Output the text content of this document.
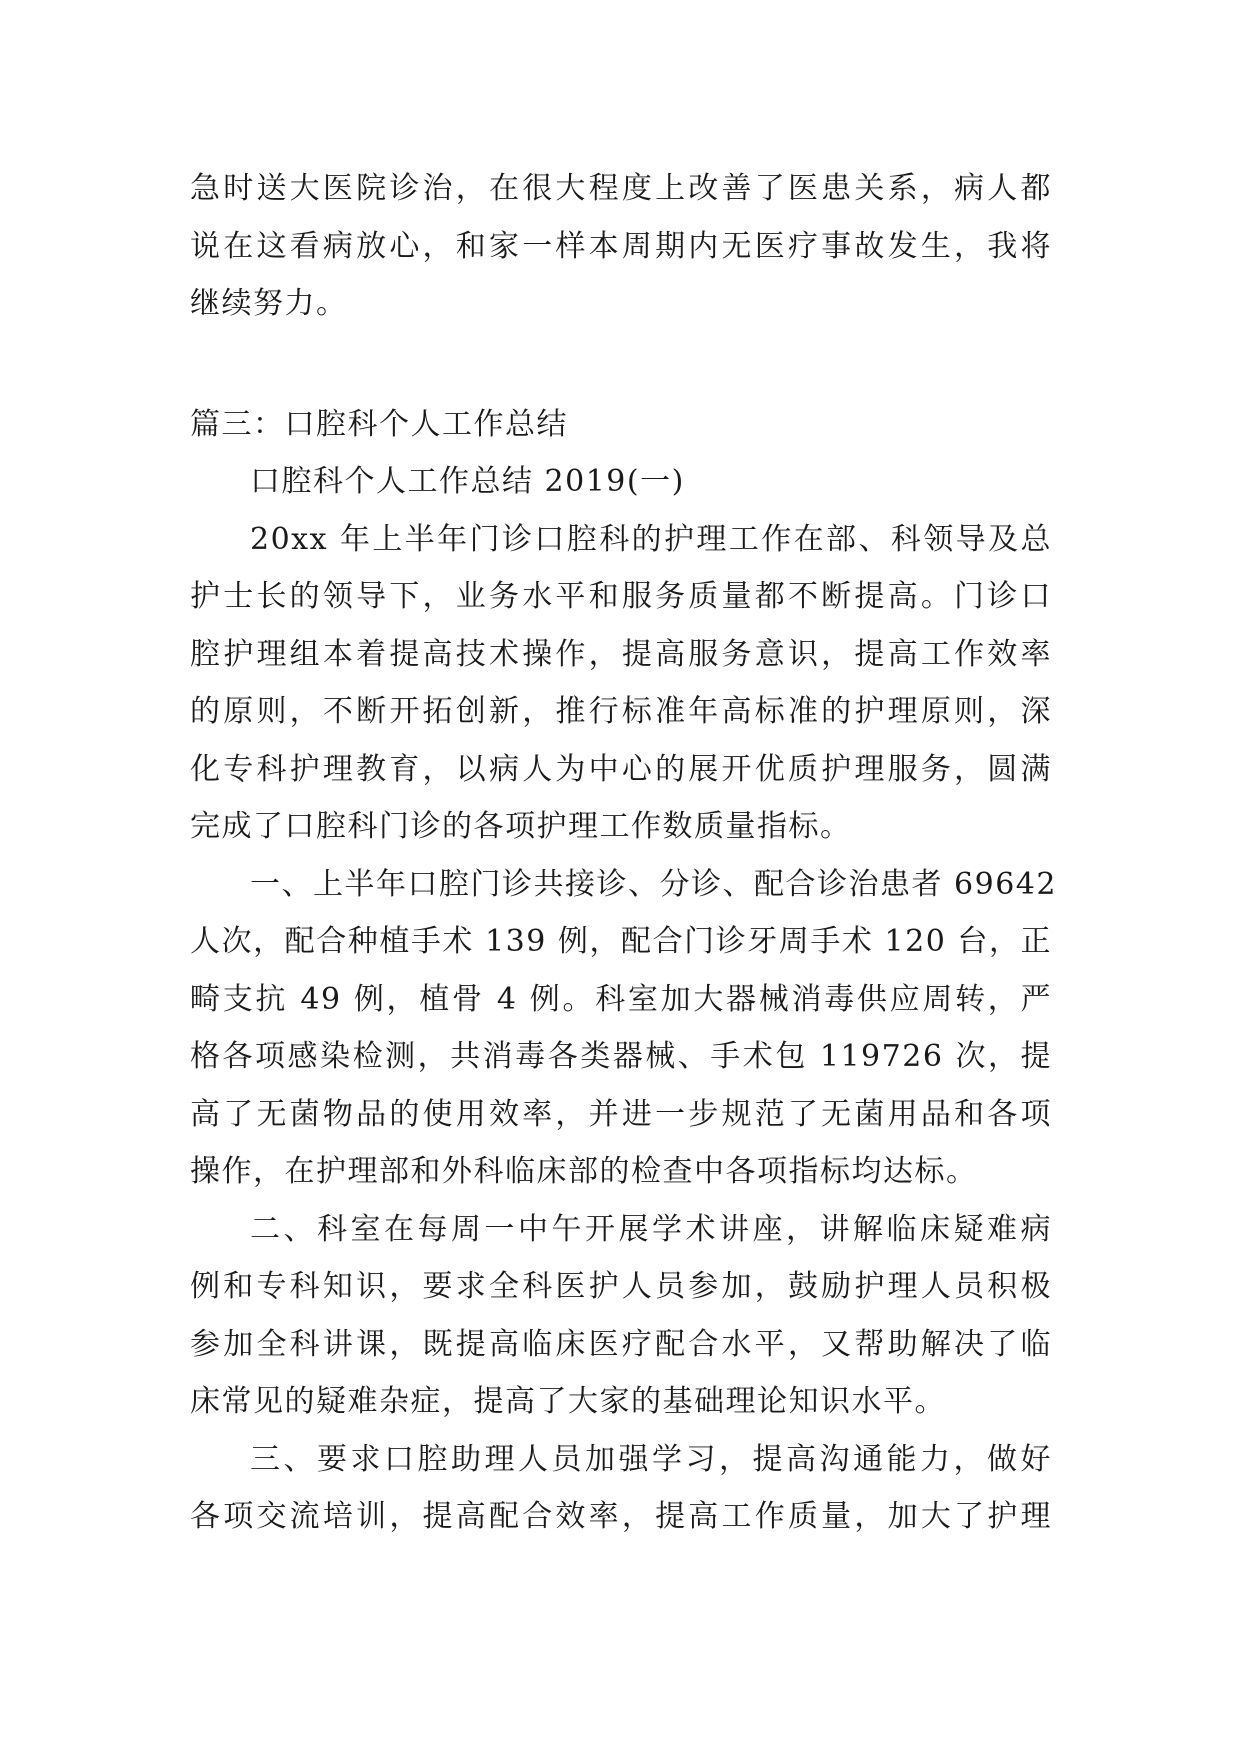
急时送大医院诊治，在很大程度上改善了医患关系，病人都
说在这看病放心，和家一样本周期内无医疗事故发生，我将
继续努力。
篇三：口腔科个人工作总结
口腔科个人工作总结 2019(一)
20xx 年上半年门诊口腔科的护理工作在部、科领导及总
护士长的领导下，业务水平和服务质量都不断提高。门诊口
腔护理组本着提高技术操作，提高服务意识，提高工作效率
的原则，不断开拓创新，推行标准年高标准的护理原则，深
化专科护理教育，以病人为中心的展开优质护理服务，圆满
完成了口腔科门诊的各项护理工作数质量指标。
一、上半年口腔门诊共接诊、分诊、配合诊治患者 69642
人次，配合种植手术 139 例，配合门诊牙周手术 120 台，正
畸支抗 49 例，植骨 4 例。科室加大器械消毒供应周转，严
格各项感染检测，共消毒各类器械、手术包 119726 次，提
高了无菌物品的使用效率，并进一步规范了无菌用品和各项
操作，在护理部和外科临床部的检查中各项指标均达标。
二、科室在每周一中午开展学术讲座，讲解临床疑难病
例和专科知识，要求全科医护人员参加，鼓励护理人员积极
参加全科讲课，既提高临床医疗配合水平，又帮助解决了临
床常见的疑难杂症，提高了大家的基础理论知识水平。
三、要求口腔助理人员加强学习，提高沟通能力，做好
各项交流培训，提高配合效率，提高工作质量，加大了护理
